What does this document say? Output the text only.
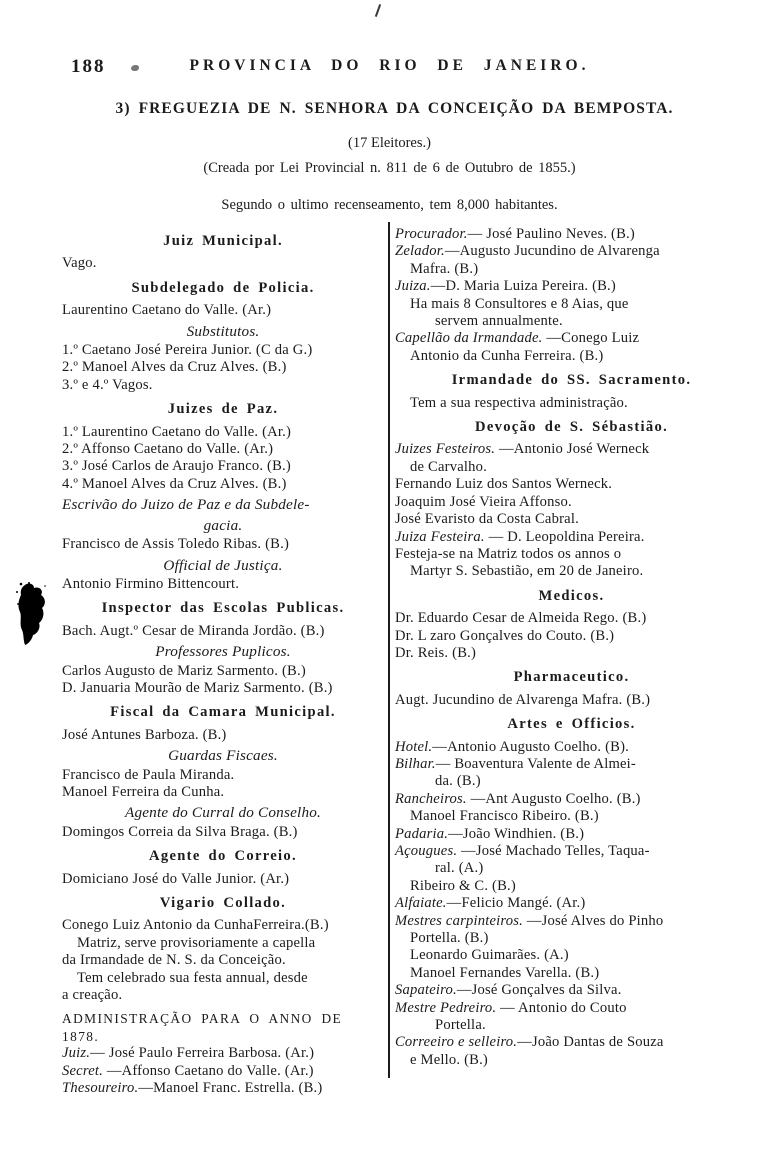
188	PROVINCIA DO RIO DE JANEIRO.
3) FREGUEZIA DE N. SENHORA DA CONCEIÇÃO DA BEMPOSTA.
(17 Eleitores.)
(Creada por Lei Provincial n. 811 de 6 de Outubro de 1855.)
Segundo o ultimo recenseamento, tem 8,000 habitantes.
Juiz Municipal.
Vago.
Subdelegado de Policia.
Laurentino Caetano do Valle. (Ar.)
Substitutos.
1.º Caetano José Pereira Junior. (C da G.)
2.º Manoel Alves da Cruz Alves. (B.)
3.º e 4.º Vagos.
Juizes de Paz.
1.º Laurentino Caetano do Valle. (Ar.)
2.º Affonso Caetano do Valle. (Ar.)
3.º José Carlos de Araujo Franco. (B.)
4.º Manoel Alves da Cruz Alves. (B.)
Escrivão do Juizo de Paz e da Subdele-
gacia.
Francisco de Assis Toledo Ribas. (B.)
Official de Justiça.
Antonio Firmino Bittencourt.
Inspector das Escolas Publicas.
Bach. Augt.º Cesar de Miranda Jordão. (B.)
Professores Puplicos.
Carlos Augusto de Mariz Sarmento. (B.)
D. Januaria Mourão de Mariz Sarmento. (B.)
Fiscal da Camara Municipal.
José Antunes Barboza. (B.)
Guardas Fiscaes.
Francisco de Paula Miranda.
Manoel Ferreira da Cunha.
Agente do Curral do Conselho.
Domingos Correia da Silva Braga. (B.)
Agente do Correio.
Domiciano José do Valle Junior. (Ar.)
Vigario Collado.
Conego Luiz Antonio da CunhaFerreira.(B.)
Matriz, serve provisoriamente a capella
da Irmandade de N. S. da Conceição.
Tem celebrado sua festa annual, desde
a creação.
ADMINISTRAÇÃO PARA O ANNO DE 1878.
Juiz.— José Paulo Ferreira Barbosa. (Ar.)
Secret. —Affonso Caetano do Valle. (Ar.)
Thesoureiro.—Manoel Franc. Estrella. (B.)
Procurador.— José Paulino Neves. (B.)
Zelador.—Augusto Jucundino de Alvarenga
Mafra. (B.)
Juiza.—D. Maria Luiza Pereira. (B.)
Ha mais 8 Consultores e 8 Aias, que
servem annualmente.
Capellão da Irmandade. —Conego Luiz
Antonio da Cunha Ferreira. (B.)
Irmandade do SS. Sacramento.
Tem a sua respectiva administração.
Devoção de S. Sébastião.
Juizes Festeiros. —Antonio José Werneck
de Carvalho.
Fernando Luiz dos Santos Werneck.
Joaquim José Vieira Affonso.
José Evaristo da Costa Cabral.
Juiza Festeira. — D. Leopoldina Pereira.
Festeja-se na Matriz todos os annos o
Martyr S. Sebastião, em 20 de Janeiro.
Medicos.
Dr. Eduardo Cesar de Almeida Rego. (B.)
Dr. L zaro Gonçalves do Couto. (B.)
Dr. Reis. (B.)
Pharmaceutico.
Augt. Jucundino de Alvarenga Mafra. (B.)
Artes e Officios.
Hotel.—Antonio Augusto Coelho. (B).
Bilhar.— Boaventura Valente de Almei-
da. (B.)
Rancheiros. —Ant Augusto Coelho. (B.)
Manoel Francisco Ribeiro. (B.)
Padaria.—João Windhien. (B.)
Açougues. —José Machado Telles, Taqua-
ral. (A.)
Ribeiro & C. (B.)
Alfaiate.—Felicio Mangé. (Ar.)
Mestres carpinteiros. —José Alves do Pinho
Portella. (B.)
Leonardo Guimarães. (A.)
Manoel Fernandes Varella. (B.)
Sapateiro.—José Gonçalves da Silva.
Mestre Pedreiro. — Antonio do Couto
Portella.
Correeiro e selleiro.—João Dantas de Souza
e Mello. (B.)
